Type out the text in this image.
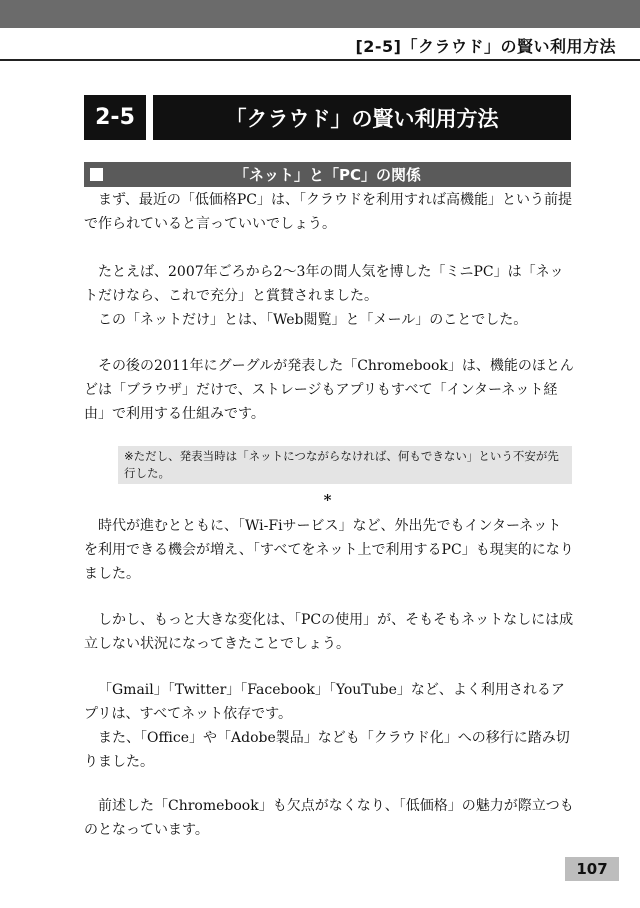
[2-5]「クラウド」の賢い利用方法
2-5	「クラウド」の賢い利用方法
「ネット」と「PC」の関係

まず、最近の「低価格PC」は、「クラウドを利用すれば高機能」という前提で作られていると言っていいでしょう。

たとえば、2007年ごろから2～3年の間人気を博した「ミニPC」は「ネットだけなら、これで充分」と賞賛されました。

この「ネットだけ」とは、「Web閲覧」と「メール」のことでした。

その後の2011年にグーグルが発表した「Chromebook」は、機能のほとんどは「ブラウザ」だけで、ストレージもアプリもすべて「インターネット経由」で利用する仕組みです。

※ただし、発表当時は「ネットにつながらなければ、何もできない」という不安が先行した。
*

時代が進むとともに、「Wi-Fiサービス」など、外出先でもインターネットを利用できる機会が増え、「すべてをネット上で利用するPC」も現実的になりました。

しかし、もっと大きな変化は、「PCの使用」が、そもそもネットなしには成立しない状況になってきたことでしょう。

「Gmail」「Twitter」「Facebook」「YouTube」など、よく利用されるアプリは、すべてネット依存です。

また、「Office」や「Adobe製品」なども「クラウド化」への移行に踏み切りました。

前述した「Chromebook」も欠点がなくなり、「低価格」の魅力が際立つものとなっています。

107
